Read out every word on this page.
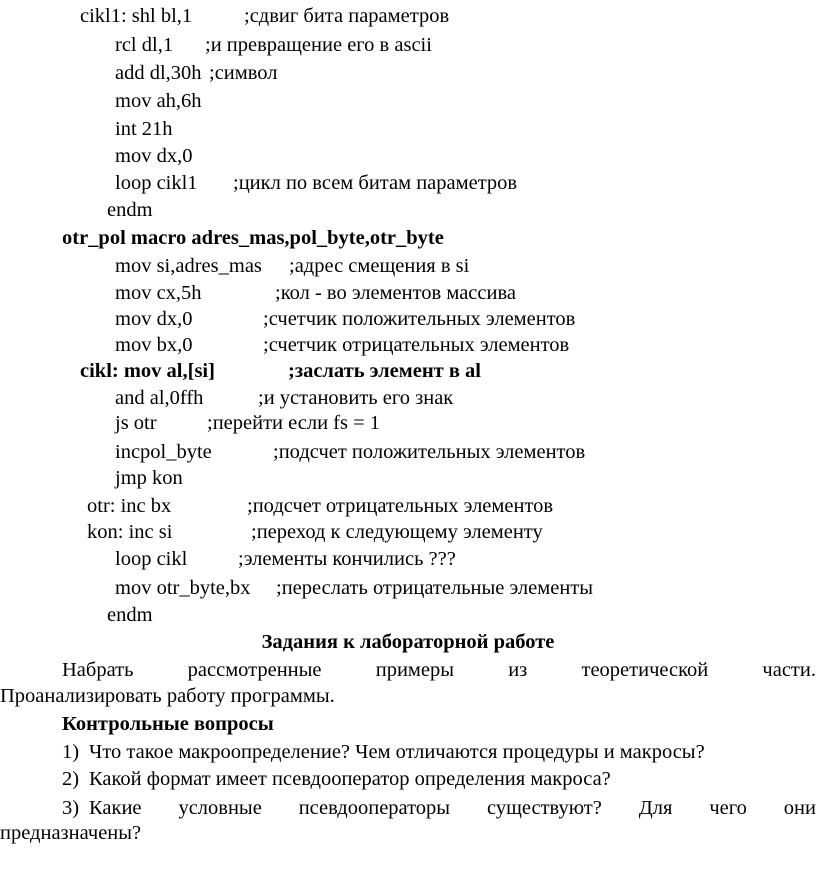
cikl1: shl bl,1	;сдвиг бита параметров
rcl dl,1 ;и превращение его в ascii
add dl,30h ;символ
mov ah,6h
int 21h
mov dx,0
loop cikl1 ;цикл по всем битам параметров
endm
otr_pol macro adres_mas,pol_byte,otr_byte
mov si,adres_mas ;адрес смещения в si
mov cx,5h	;кол - во элементов массива
mov dx,0	;счетчик положительных элементов
mov bx,0	;счетчик отрицательных элементов
cikl: mov al,[si]	;заслать элемент в al
and al,0ffh	;и установить его знак
js otr ;перейти если fs = 1
incpol_byte	;подсчет положительных элементов
jmp kon
otr: inc bx	;подсчет отрицательных элементов
kon: inc si	;переход к следующему элементу
loop cikl ;элементы кончились ???
mov otr_byte,bx ;переслать отрицательные элементы
endm
Задания к лабораторной работе
Набрать рассмотренные примеры из теоретической части.
Проанализировать работу программы.
Контрольные вопросы
1) Что такое макроопределение? Чем отличаются процедуры и макросы?
2) Какой формат имеет псевдооператор определения макроса?
3) Какие условные псевдооператоры существуют? Для чего они
предназначены?
